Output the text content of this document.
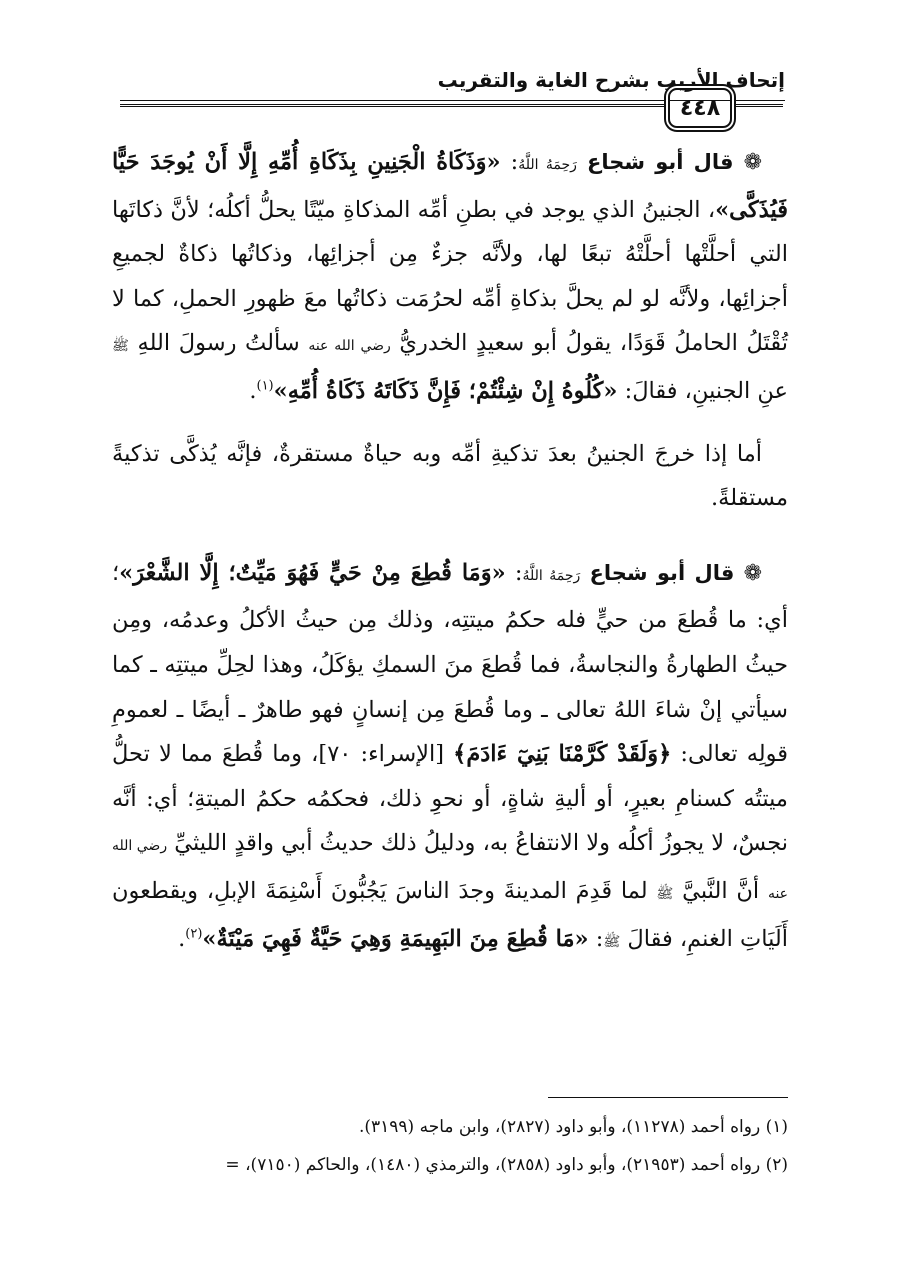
إتحاف الأريب بشرح الغاية والتقريب
٤٤٨

❁ قال أبو شجاع رَحِمَهُ اللَّهُ: «وَذَكَاةُ الْجَنِينِ بِذَكَاةِ أُمِّهِ إِلَّا أَنْ يُوجَدَ حَيًّا فَيُذَكَّى»، الجنينُ الذي يوجد في بطنِ أمِّه المذكاةِ ميّتًا يحلُّ أكلُه؛ لأنَّ ذكاتَها التي أحلَّتْها أحلَّتْهُ تبعًا لها، ولأنَّه جزءٌ مِن أجزائِها، وذكاتُها ذكاةٌ لجميعِ أجزائِها، ولأنَّه لو لم يحلَّ بذكاةِ أمِّه لحرُمَت ذكاتُها معَ ظهورِ الحملِ، كما لا تُقْتَلُ الحاملُ قَوَدًا، يقولُ أبو سعيدٍ الخدريُّ رضي الله عنه سألتُ رسولَ اللهِ ﷺ عنِ الجنينِ، فقالَ: «كُلُوهُ إِنْ شِئْتُمْ؛ فَإِنَّ ذَكَاتَهُ ذَكَاةُ أُمِّهِ»$^{(١)}$.

أما إذا خرجَ الجنينُ بعدَ تذكيةِ أمِّه وبه حياةٌ مستقرةٌ، فإنَّه يُذكَّى تذكيةً مستقلةً.

❁ قال أبو شجاع رَحِمَهُ اللَّهُ: «وَمَا قُطِعَ مِنْ حَيٍّ فَهُوَ مَيِّتٌ؛ إِلَّا الشَّعْرَ»؛ أي: ما قُطعَ من حيٍّ فله حكمُ ميتتِه، وذلك مِن حيثُ الأكلُ وعدمُه، ومِن حيثُ الطهارةُ والنجاسةُ، فما قُطعَ منَ السمكِ يؤكَلُ، وهذا لحِلِّ ميتتِه ـ كما سيأتي إنْ شاءَ اللهُ تعالى ـ وما قُطعَ مِن إنسانٍ فهو طاهرٌ ـ أيضًا ـ لعمومِ قولِه تعالى: ﴿وَلَقَدْ كَرَّمْنَا بَنِيٓ ءَادَمَ﴾ [الإسراء: ٧٠]، وما قُطعَ مما لا تحلُّ ميتتُه كسنامِ بعيرٍ، أو أليةِ شاةٍ، أو نحوِ ذلك، فحكمُه حكمُ الميتةِ؛ أي: أنَّه نجسٌ، لا يجوزُ أكلُه ولا الانتفاعُ به، ودليلُ ذلك حديثُ أبي واقدٍ الليثيِّ رضي الله عنه أنَّ النَّبيَّ ﷺ لما قَدِمَ المدينةَ وجدَ الناسَ يَجُبُّونَ أَسْنِمَةَ الإبلِ، ويقطعون أَلَيَاتِ الغنمِ، فقالَ ﷺ: «مَا قُطِعَ مِنَ البَهِيمَةِ وَهِيَ حَيَّةٌ فَهِيَ مَيْتَةٌ»$^{(٢)}$.

(١) رواه أحمد (١١٢٧٨)، وأبو داود (٢٨٢٧)، وابن ماجه (٣١٩٩).
(٢) رواه أحمد (٢١٩٥٣)، وأبو داود (٢٨٥٨)، والترمذي (١٤٨٠)، والحاكم (٧١٥٠)، =
